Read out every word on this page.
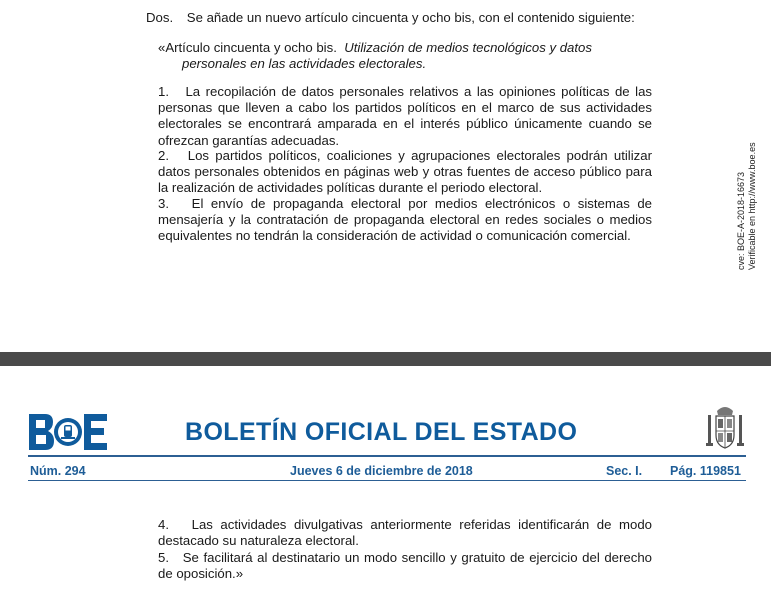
Dos. Se añade un nuevo artículo cincuenta y ocho bis, con el contenido siguiente:
«Artículo cincuenta y ocho bis. Utilización de medios tecnológicos y datos
personales en las actividades electorales.
1. La recopilación de datos personales relativos a las opiniones políticas de las personas que lleven a cabo los partidos políticos en el marco de sus actividades electorales se encontrará amparada en el interés público únicamente cuando se ofrezcan garantías adecuadas.
2. Los partidos políticos, coaliciones y agrupaciones electorales podrán utilizar datos personales obtenidos en páginas web y otras fuentes de acceso público para la realización de actividades políticas durante el periodo electoral.
3. El envío de propaganda electoral por medios electrónicos o sistemas de mensajería y la contratación de propaganda electoral en redes sociales o medios equivalentes no tendrán la consideración de actividad o comunicación comercial.	cve: BOE-A-2018-16673 Verificable en http://www.boe.es
BOLETÍN OFICIAL DEL ESTADO
Núm. 294	Jueves 6 de diciembre de 2018	Sec. I. Pág. 119851
4. Las actividades divulgativas anteriormente referidas identificarán de modo destacado su naturaleza electoral.
5. Se facilitará al destinatario un modo sencillo y gratuito de ejercicio del derecho de oposición.»
